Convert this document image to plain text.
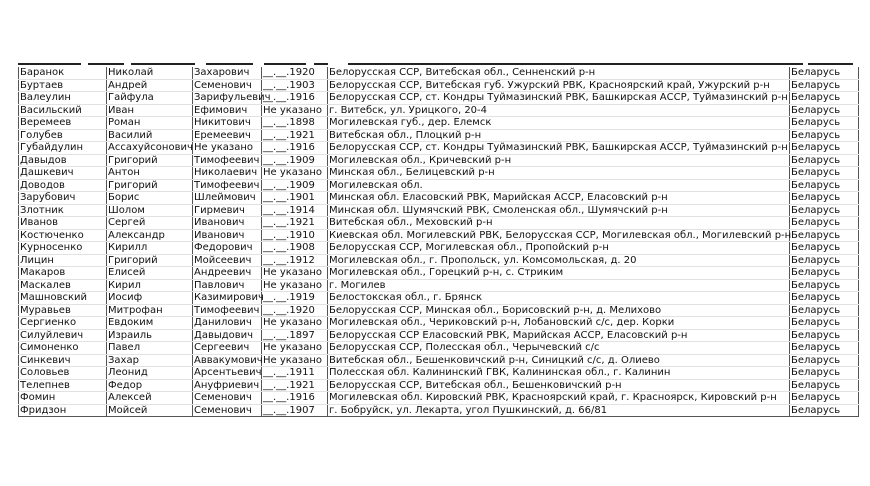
Баранок	Николай	Захарович	__.__.1920	Белорусская ССР, Витебская обл., Сенненский р-н	Беларусь
Буртаев	Андрей	Семенович	__.__.1903	Белорусская ССР, Витебская губ. Ужурский РВК, Красноярский край, Ужурский р-н	Беларусь
Валеулин	Гайфула	Зарифульевич	__.__.1916	Белорусская ССР, ст. Кондры Туймазинский РВК, Башкирская АССР, Туймазинский р-н	Беларусь
Васильский	Иван	Ефимович	Не указано	г. Витебск, ул. Урицкого, 20-4	Беларусь
Веремеев	Роман	Никитович	__.__.1898	Могилевская губ., дер. Елемск	Беларусь
Голубев	Василий	Еремеевич	__.__.1921	Витебская обл., Плоцкий р-н	Беларусь
Губайдулин	Ассахуйсонович	Не указано	__.__.1916	Белорусская ССР, ст. Кондры Туймазинский РВК, Башкирская АССР, Туймазинский р-н	Беларусь
Давыдов	Григорий	Тимофеевич	__.__.1909	Могилевская обл., Кричевский р-н	Беларусь
Дашкевич	Антон	Николаевич	Не указано	Минская обл., Белицевский р-н	Беларусь
Доводов	Григорий	Тимофеевич	__.__.1909	Могилевская обл.	Беларусь
Зарубович	Борис	Шлеймович	__.__.1901	Минская обл. Еласовский РВК, Марийская АССР, Еласовский р-н	Беларусь
Злотник	Шолом	Гирмевич	__.__.1914	Минская обл. Шумячский РВК, Смоленская обл., Шумячский р-н	Беларусь
Иванов	Сергей	Иванович	__.__.1921	Витебская обл., Меховский р-н	Беларусь
Костюченко	Александр	Иванович	__.__.1910	Киевская обл. Могилевский РВК, Белорусская ССР, Могилевская обл., Могилевский р-н	Беларусь
Курносенко	Кирилл	Федорович	__.__.1908	Белорусская ССР, Могилевская обл., Пропойский р-н	Беларусь
Лицин	Григорий	Мойсеевич	__.__.1912	Могилевская обл., г. Пропольск, ул. Комсомольская, д. 20	Беларусь
Макаров	Елисей	Андреевич	Не указано	Могилевская обл., Горецкий р-н, с. Стриким	Беларусь
Маскалев	Кирил	Павлович	Не указано	г. Могилев	Беларусь
Машновский	Иосиф	Казимирович	__.__.1919	Белостокская обл., г. Брянск	Беларусь
Муравьев	Митрофан	Тимофеевич	__.__.1920	Белорусская ССР, Минская обл., Борисовский р-н, д. Мелихово	Беларусь
Сергиенко	Евдоким	Данилович	Не указано	Могилевская обл., Чериковский р-н, Лобановский с/с, дер. Корки	Беларусь
Силуйлевич	Израиль	Давыдович	__.__.1897	Белорусская ССР Еласовский РВК, Марийская АССР, Еласовский р-н	Беларусь
Симоненко	Павел	Сергеевич	Не указано	Белорусская ССР, Полесская обл., Черычевский с/с	Беларусь
Синкевич	Захар	Аввакумович	Не указано	Витебская обл., Бешенковичский р-н, Синицкий с/с, д. Олиево	Беларусь
Соловьев	Леонид	Арсентьевич	__.__.1911	Полесская обл. Калининский ГВК, Калининская обл., г. Калинин	Беларусь
Телепнев	Федор	Ануфриевич	__.__.1921	Белорусская ССР, Витебская обл., Бешенковичский р-н	Беларусь
Фомин	Алексей	Семенович	__.__.1916	Могилевская обл. Кировский РВК, Красноярский край, г. Красноярск, Кировский р-н	Беларусь
Фридзон	Мойсей	Семенович	__.__.1907	г. Бобруйск, ул. Лекарта, угол Пушкинский, д. 66/81	Беларусь
